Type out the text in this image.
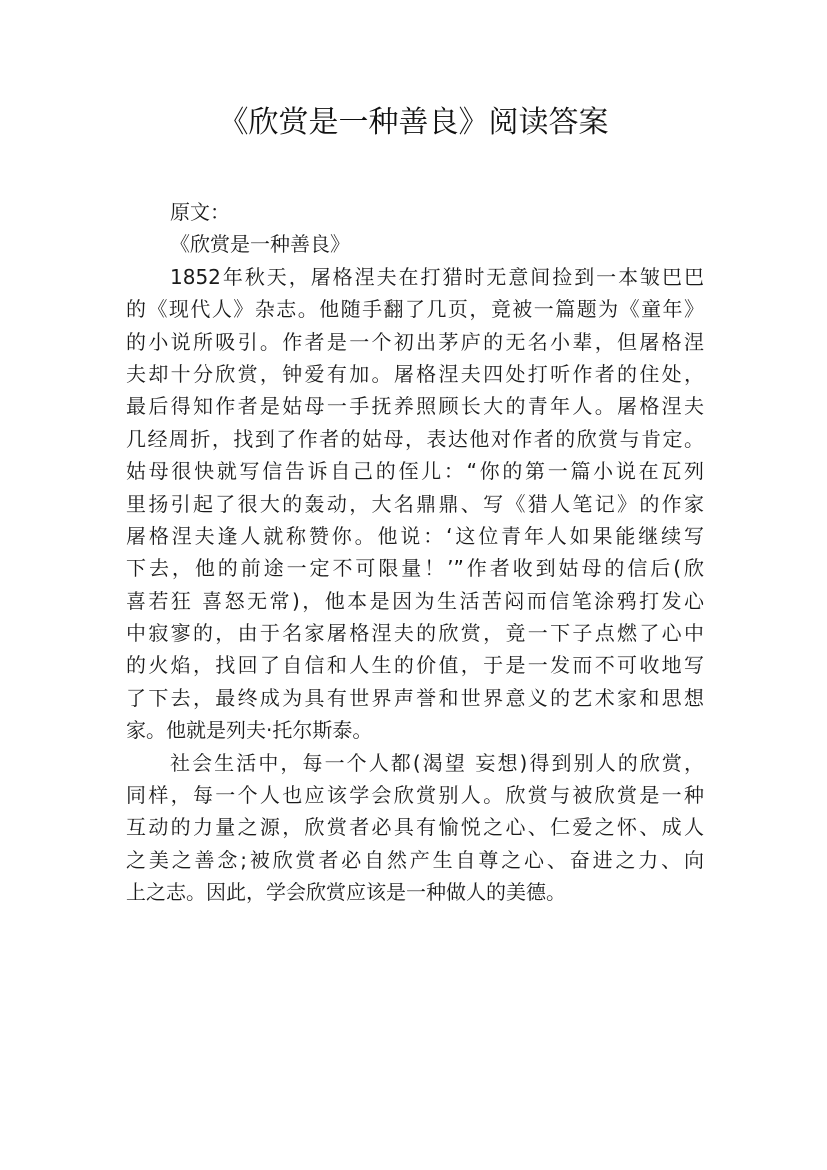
《欣赏是一种善良》阅读答案
原文：
《欣赏是一种善良》
1852年秋天，屠格涅夫在打猎时无意间捡到一本皱巴巴
的《现代人》杂志。他随手翻了几页，竟被一篇题为《童年》
的小说所吸引。作者是一个初出茅庐的无名小辈，但屠格涅
夫却十分欣赏，钟爱有加。屠格涅夫四处打听作者的住处，
最后得知作者是姑母一手抚养照顾长大的青年人。屠格涅夫
几经周折，找到了作者的姑母，表达他对作者的欣赏与肯定。
姑母很快就写信告诉自己的侄儿：“你的第一篇小说在瓦列
里扬引起了很大的轰动，大名鼎鼎、写《猎人笔记》的作家
屠格涅夫逢人就称赞你。他说：‘这位青年人如果能继续写
下去，他的前途一定不可限量！’”作者收到姑母的信后(欣
喜若狂 喜怒无常)，他本是因为生活苦闷而信笔涂鸦打发心
中寂寥的，由于名家屠格涅夫的欣赏，竟一下子点燃了心中
的火焰，找回了自信和人生的价值，于是一发而不可收地写
了下去，最终成为具有世界声誉和世界意义的艺术家和思想
家。他就是列夫·托尔斯泰。
社会生活中，每一个人都(渴望 妄想)得到别人的欣赏，
同样，每一个人也应该学会欣赏别人。欣赏与被欣赏是一种
互动的力量之源，欣赏者必具有愉悦之心、仁爱之怀、成人
之美之善念;被欣赏者必自然产生自尊之心、奋进之力、向
上之志。因此，学会欣赏应该是一种做人的美德。
